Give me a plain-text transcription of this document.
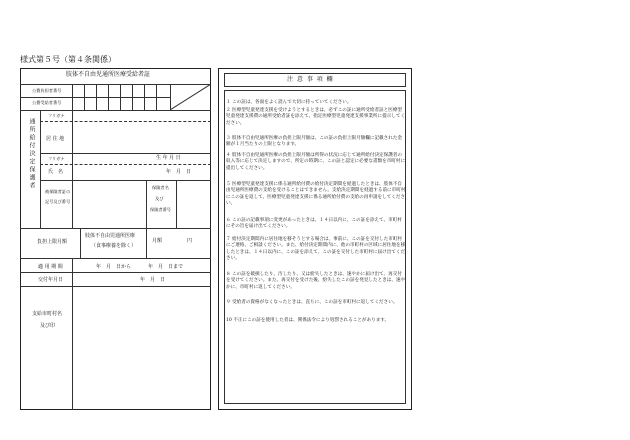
様式第５号（第４条関係）
肢体不自由児通所医療受給者証
公費負担者番号
公費受給者番号
通所給付決定保護者
フリガナ
居 住 地
フリガナ	生 年 月 日
氏　名	年　月　日
被保険者証の
記号及び番号
保険者名
及び
保険者番号
負担上限月額
肢体不自由児通所医療
（食事療養を除く）
月額　　　　　円
適 用 期 間	年　月　日から	年　月　日まで
交付年月日	年　月　日
支給市町村名
及び印
注 意 事 項 欄
１ この証は、各面をよく読んで大切に持っていてください。
２ 医療型児童発達支援を受けようとするときは、必ずこの証に通所受給者証と医療型児童発達支援費の通所受給者証を添えて、指定医療型児童発達支援事業所に提示してください。
３ 肢体不自由児通所医療の負担上限月額は、この証の負担上限月額欄に記載された金額が１月当たりの上限となります。
４ 肢体不自由児通所医療の負担上限月額は所得の状況に応じて通所給付決定保護者の収入等に応じて決定しますので、所定の時期に、この証と認定に必要な書類を市町村に提出してください。
５ 医療型児童発達支援に係る通所給付費の給付決定期間を経過したときは、肢体不自由児通所医療費の支給を受けることはできません。支給決定期間を経過する前に市町村にこの証を返して、医療型児童発達支援に係る通所給付費の支給の再申請をしてください。
６ この証の記載事項に変更があったときは、１４日以内に、この証を添えて、市町村にその旨を届け出てください。
７ 給付決定期間内に居住地を移そうとする場合は、事前に、この証を交付した市町村にご連絡、ご相談ください。また、給付決定期間内に、他の市町村の区域に居住地を移したときは、１４日以内に、この証を添えて、この証を交付した市町村に届け出てください。
８ この証を破損したり、汚したり、又は紛失したときは、速やかに届け出て、再交付を受けてください。また、再交付を受けた後、紛失したこの証を発見したときは、速やかに、市町村に返してください。
９ 受給者の資格がなくなったときは、直ちに、この証を市町村に返してください。
10 不正にこの証を使用した者は、関係法令により処罰されることがあります。
